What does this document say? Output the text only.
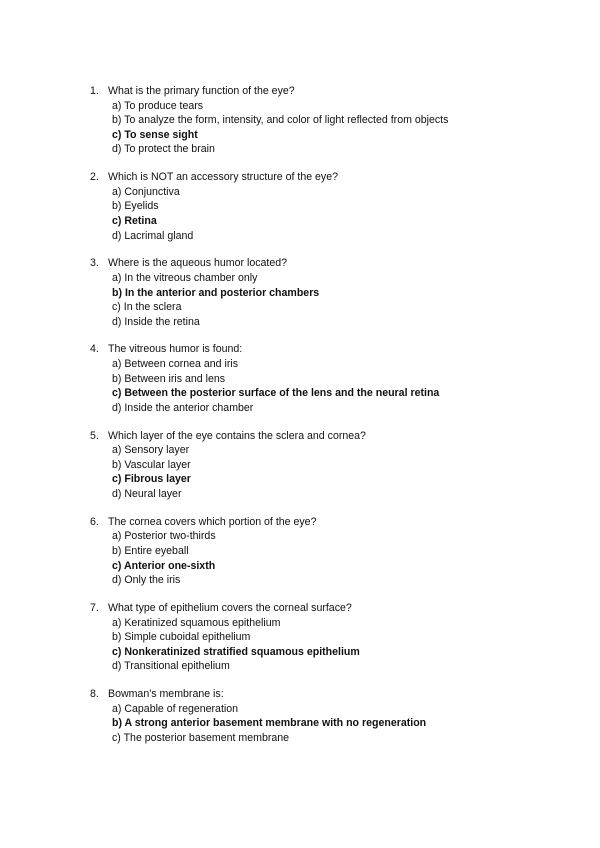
1. What is the primary function of the eye?
a) To produce tears
b) To analyze the form, intensity, and color of light reflected from objects
c) To sense sight
d) To protect the brain
2. Which is NOT an accessory structure of the eye?
a) Conjunctiva
b) Eyelids
c) Retina
d) Lacrimal gland
3. Where is the aqueous humor located?
a) In the vitreous chamber only
b) In the anterior and posterior chambers
c) In the sclera
d) Inside the retina
4. The vitreous humor is found:
a) Between cornea and iris
b) Between iris and lens
c) Between the posterior surface of the lens and the neural retina
d) Inside the anterior chamber
5. Which layer of the eye contains the sclera and cornea?
a) Sensory layer
b) Vascular layer
c) Fibrous layer
d) Neural layer
6. The cornea covers which portion of the eye?
a) Posterior two-thirds
b) Entire eyeball
c) Anterior one-sixth
d) Only the iris
7. What type of epithelium covers the corneal surface?
a) Keratinized squamous epithelium
b) Simple cuboidal epithelium
c) Nonkeratinized stratified squamous epithelium
d) Transitional epithelium
8. Bowman's membrane is:
a) Capable of regeneration
b) A strong anterior basement membrane with no regeneration
c) The posterior basement membrane
